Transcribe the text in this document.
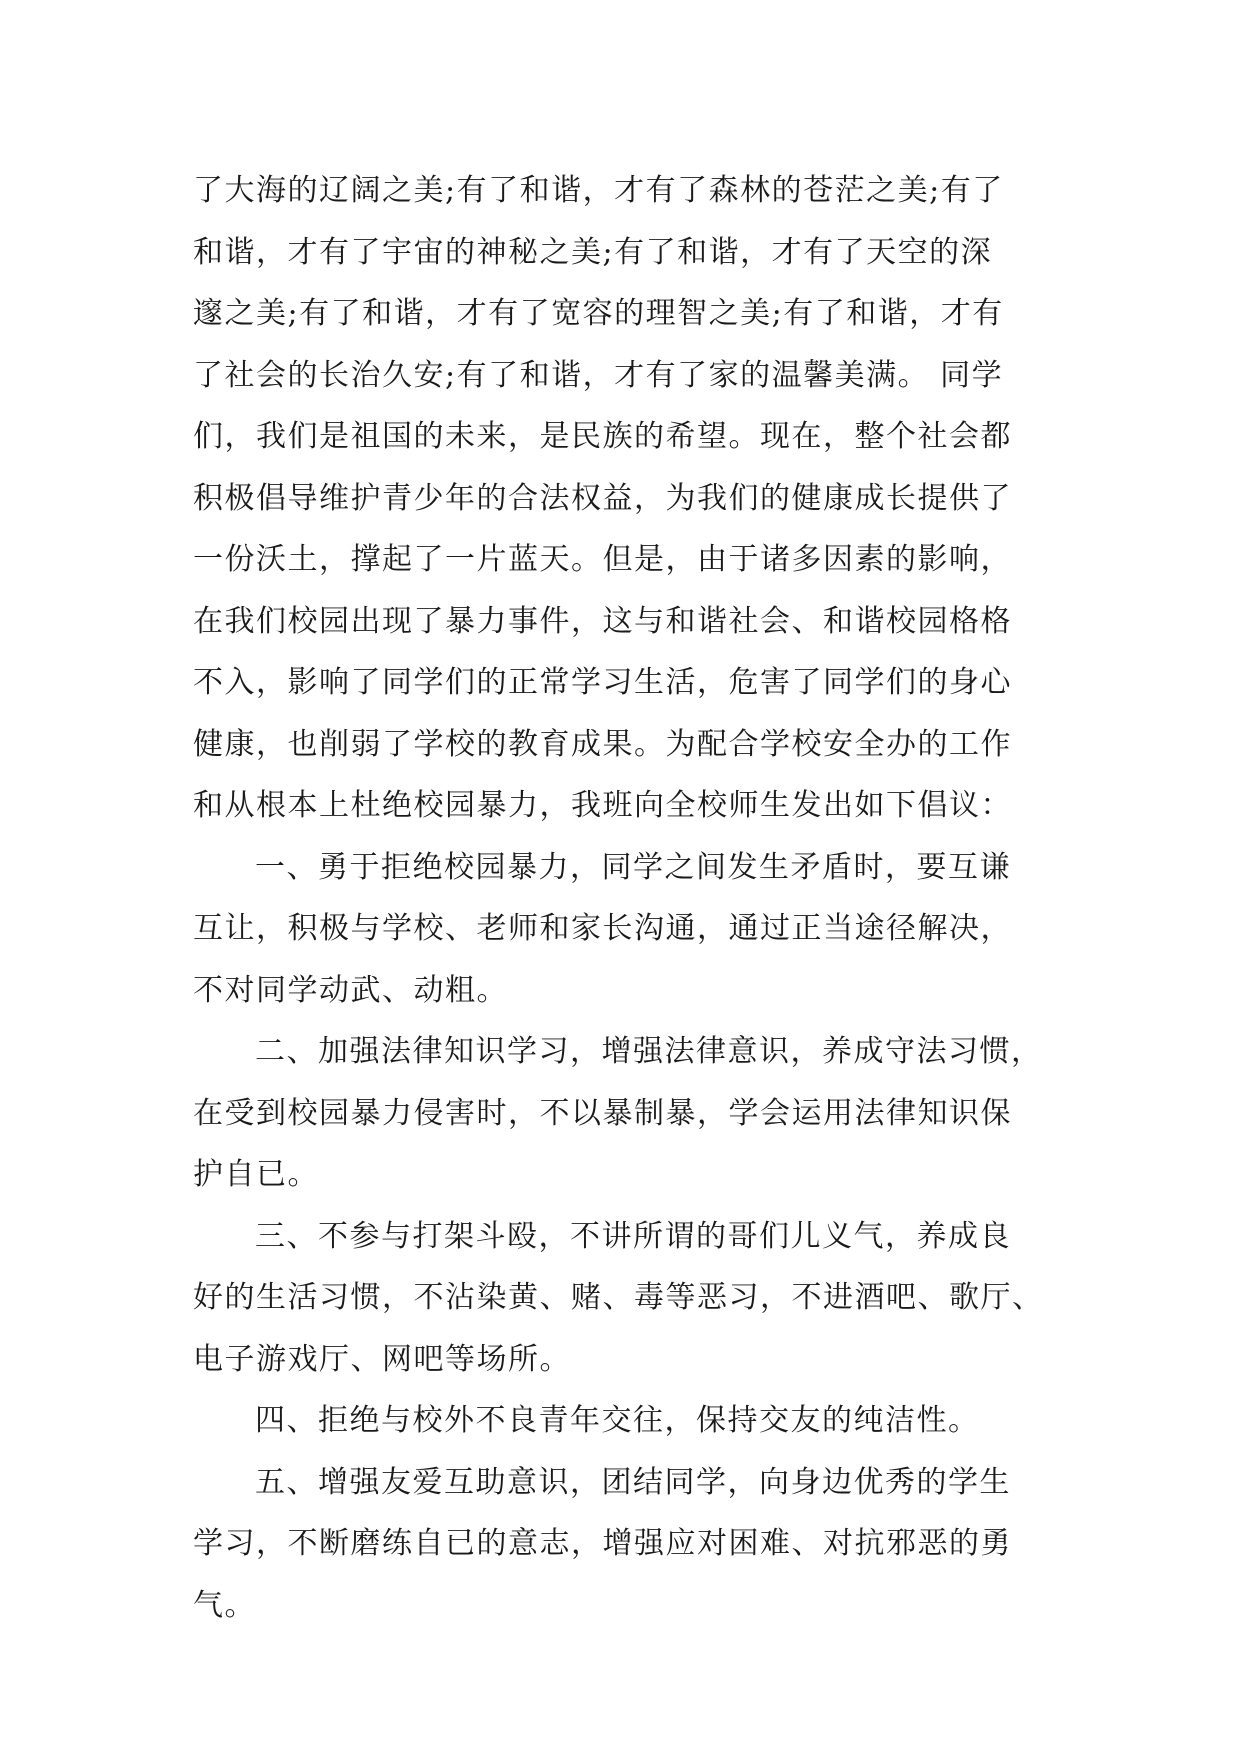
了大海的辽阔之美;有了和谐，才有了森林的苍茫之美;有了
和谐，才有了宇宙的神秘之美;有了和谐，才有了天空的深
邃之美;有了和谐，才有了宽容的理智之美;有了和谐，才有
了社会的长治久安;有了和谐，才有了家的温馨美满。 同学
们，我们是祖国的未来，是民族的希望。现在，整个社会都
积极倡导维护青少年的合法权益，为我们的健康成长提供了
一份沃土，撑起了一片蓝天。但是，由于诸多因素的影响，
在我们校园出现了暴力事件，这与和谐社会、和谐校园格格
不入，影响了同学们的正常学习生活，危害了同学们的身心
健康，也削弱了学校的教育成果。为配合学校安全办的工作
和从根本上杜绝校园暴力，我班向全校师生发出如下倡议：
一、勇于拒绝校园暴力，同学之间发生矛盾时，要互谦
互让，积极与学校、老师和家长沟通，通过正当途径解决，
不对同学动武、动粗。
二、加强法律知识学习，增强法律意识，养成守法习惯，
在受到校园暴力侵害时，不以暴制暴，学会运用法律知识保
护自已。
三、不参与打架斗殴，不讲所谓的哥们儿义气，养成良
好的生活习惯，不沾染黄、赌、毒等恶习，不进酒吧、歌厅、
电子游戏厅、网吧等场所。
四、拒绝与校外不良青年交往，保持交友的纯洁性。
五、增强友爱互助意识，团结同学，向身边优秀的学生
学习，不断磨练自已的意志，增强应对困难、对抗邪恶的勇
气。
